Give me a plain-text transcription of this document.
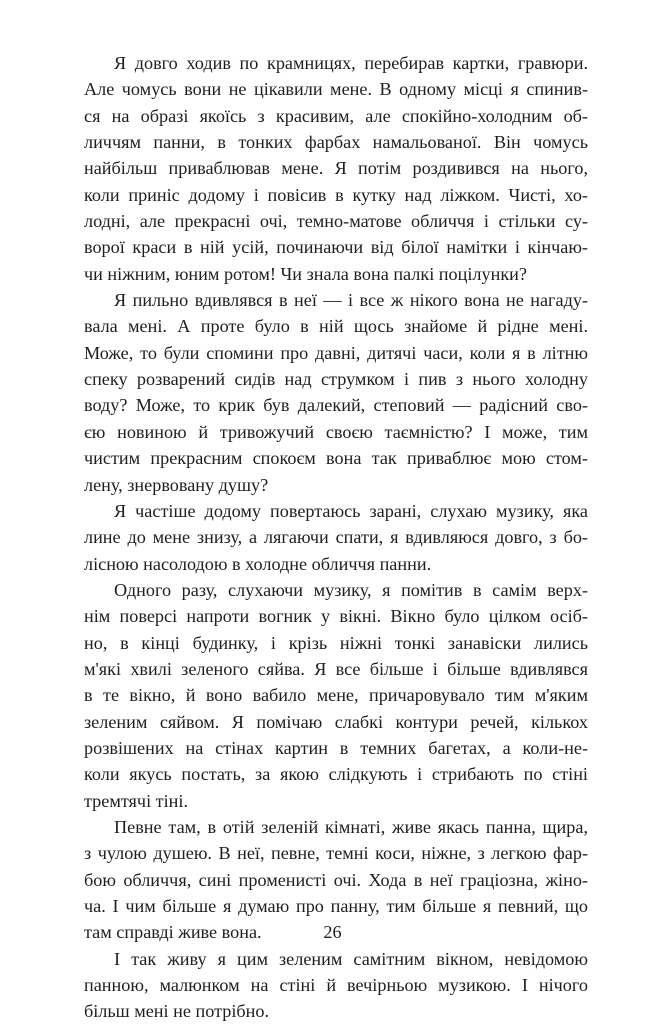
Я довго ходив по крамницях, перебирав картки, гравюри.
Але чомусь вони не цікавили мене. В одному місці я спинив-
ся на образі якоїсь з красивим, але спокійно-холодним об-
личчям панни, в тонких фарбах намальованої. Він чомусь
найбільш приваблював мене. Я потім роздивився на нього,
коли приніс додому і повісив в кутку над ліжком. Чисті, хо-
лодні, але прекрасні очі, темно-матове обличчя і стільки су-
ворої краси в ній усій, починаючи від білої намітки і кінчаю-
чи ніжним, юним ротом! Чи знала вона палкі поцілунки?
Я пильно вдивлявся в неї — і все ж нікого вона не нагаду-
вала мені. А проте було в ній щось знайоме й рідне мені.
Може, то були спомини про давні, дитячі часи, коли я в літню
спеку розварений сидів над струмком і пив з нього холодну
воду? Може, то крик був далекий, степовий — радісний сво-
єю новиною й тривожучий своєю таємністю? І може, тим
чистим прекрасним спокоєм вона так приваблює мою стом-
лену, знервовану душу?
Я частіше додому повертаюсь зарані, слухаю музику, яка
лине до мене знизу, а лягаючи спати, я вдивляюся довго, з бо-
лісною насолодою в холодне обличчя панни.
Одного разу, слухаючи музику, я помітив в самім верх-
нім поверсі напроти вогник у вікні. Вікно було цілком осіб-
но, в кінці будинку, і крізь ніжні тонкі занавіски лились
м'які хвилі зеленого сяйва. Я все більше і більше вдивлявся
в те вікно, й воно вабило мене, причаровувало тим м'яким
зеленим сяйвом. Я помічаю слабкі контури речей, кількох
розвішених на стінах картин в темних багетах, а коли-не-
коли якусь постать, за якою слідкують і стрибають по стіні
тремтячі тіні.
Певне там, в отій зеленій кімнаті, живе якась панна, щира,
з чулою душею. В неї, певне, темні коси, ніжне, з легкою фар-
бою обличчя, сині променисті очі. Хода в неї граціозна, жіно-
ча. І чим більше я думаю про панну, тим більше я певний, що
там справді живе вона.
І так живу я цим зеленим самітним вікном, невідомою
панною, малюнком на стіні й вечірньою музикою. І нічого
більш мені не потрібно.
26
